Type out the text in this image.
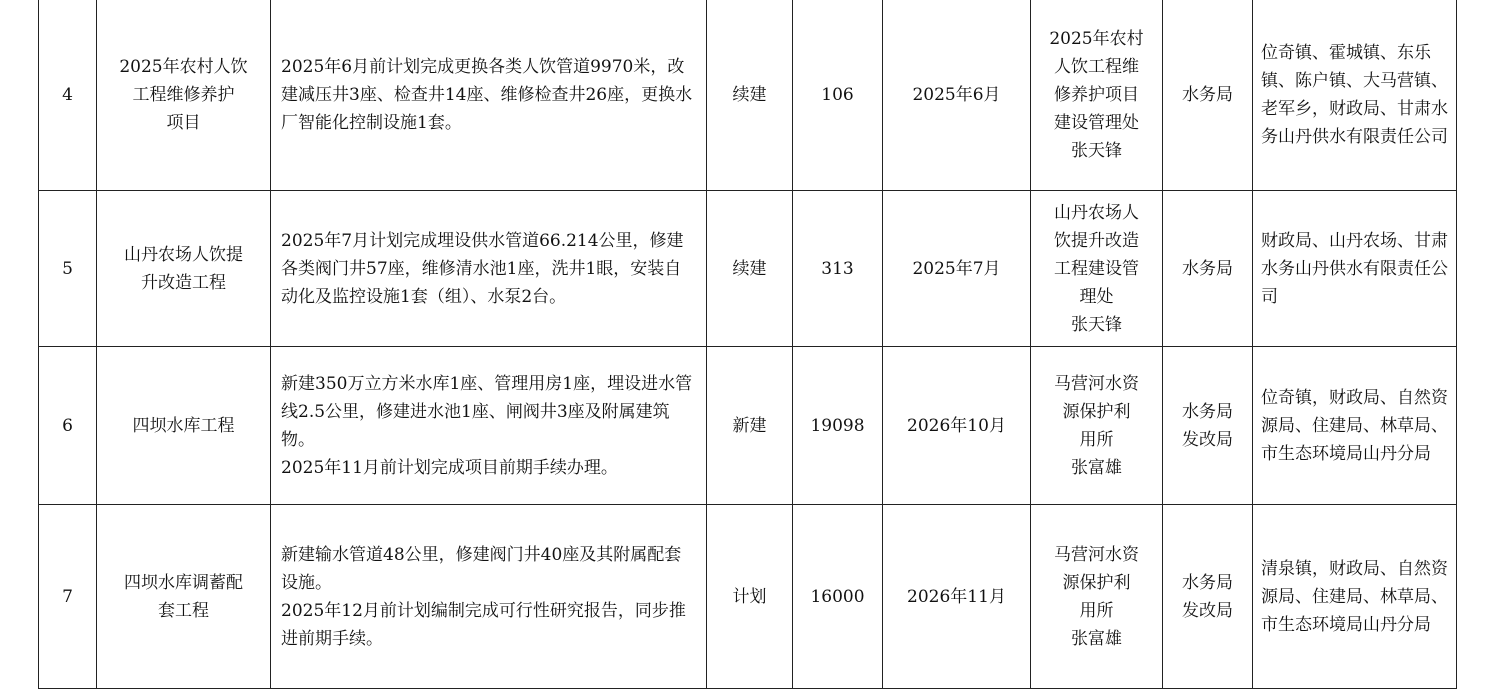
4	2025年农村人饮
工程维修养护
项目	2025年6月前计划完成更换各类人饮管道9970米，改建减压井3座、检查井14座、维修检查井26座，更换水厂智能化控制设施1套。	续建	106	2025年6月	2025年农村
人饮工程维
修养护项目
建设管理处
张天锋	水务局	位奇镇、霍城镇、东乐镇、陈户镇、大马营镇、老军乡，财政局、甘肃水务山丹供水有限责任公司

5	山丹农场人饮提
升改造工程	2025年7月计划完成埋设供水管道66.214公里，修建各类阀门井57座，维修清水池1座，洗井1眼，安装自动化及监控设施1套（组）、水泵2台。	续建	313	2025年7月	山丹农场人
饮提升改造
工程建设管
理处
张天锋	水务局	财政局、山丹农场、甘肃水务山丹供水有限责任公司

6	四坝水库工程	新建350万立方米水库1座、管理用房1座，埋设进水管线2.5公里，修建进水池1座、闸阀井3座及附属建筑物。
2025年11月前计划完成项目前期手续办理。	新建	19098	2026年10月	马营河水资
源保护利
用所
张富雄	水务局
发改局	位奇镇，财政局、自然资源局、住建局、林草局、市生态环境局山丹分局

7	四坝水库调蓄配
套工程	新建输水管道48公里，修建阀门井40座及其附属配套设施。
2025年12月前计划编制完成可行性研究报告，同步推进前期手续。	计划	16000	2026年11月	马营河水资
源保护利
用所
张富雄	水务局
发改局	清泉镇，财政局、自然资源局、住建局、林草局、市生态环境局山丹分局
